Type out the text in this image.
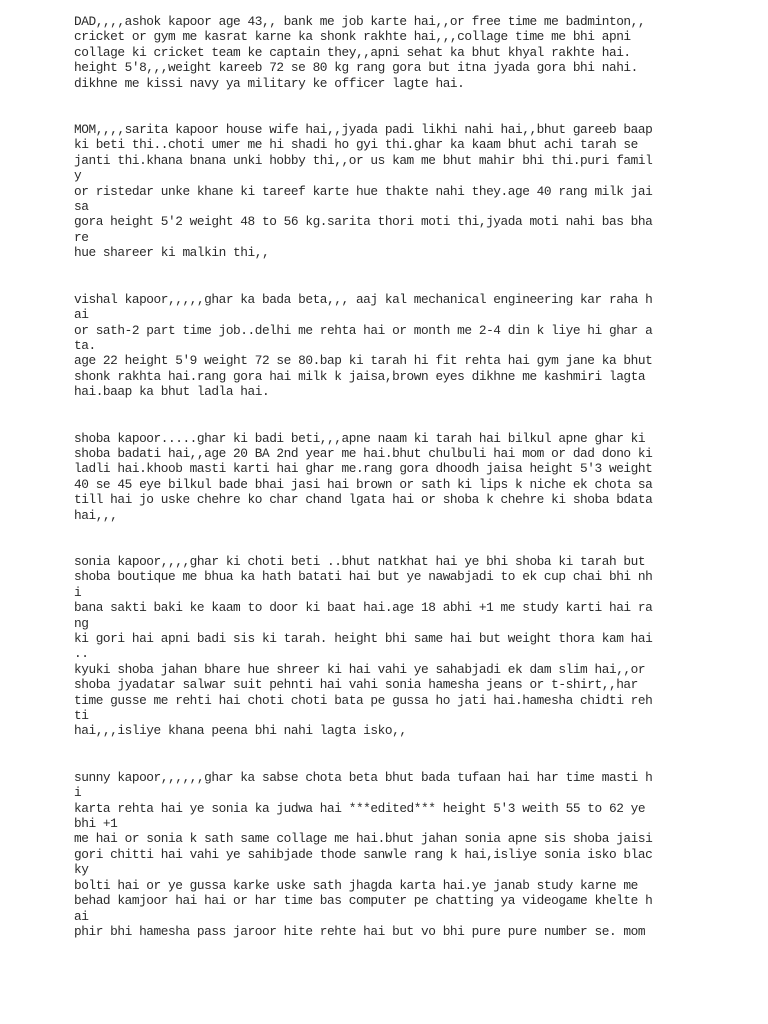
DAD,,,,ashok kapoor age 43,, bank me job karte hai,,or free time me badminton,,
cricket or gym me kasrat karne ka shonk rakhte hai,,,collage time me bhi apni
collage ki cricket team ke captain they,,apni sehat ka bhut khyal rakhte hai.
height 5'8,,,weight kareeb 72 se 80 kg rang gora but itna jyada gora bhi nahi.
dikhne me kissi navy ya military ke officer lagte hai.
MOM,,,,sarita kapoor house wife hai,,jyada padi likhi nahi hai,,bhut gareeb baap
ki beti thi..choti umer me hi shadi ho gyi thi.ghar ka kaam bhut achi tarah se
janti thi.khana bnana unki hobby thi,,or us kam me bhut mahir bhi thi.puri famil
y
or ristedar unke khane ki tareef karte hue thakte nahi they.age 40 rang milk jai
sa
gora height 5'2 weight 48 to 56 kg.sarita thori moti thi,jyada moti nahi bas bha
re
hue shareer ki malkin thi,,
vishal kapoor,,,,,ghar ka bada beta,,, aaj kal mechanical engineering kar raha h
ai
or sath-2 part time job..delhi me rehta hai or month me 2-4 din k liye hi ghar a
ta.
age 22 height 5'9 weight 72 se 80.bap ki tarah hi fit rehta hai gym jane ka bhut
shonk rakhta hai.rang gora hai milk k jaisa,brown eyes dikhne me kashmiri lagta
hai.baap ka bhut ladla hai.
shoba kapoor.....ghar ki badi beti,,,apne naam ki tarah hai bilkul apne ghar ki
shoba badati hai,,age 20 BA 2nd year me hai.bhut chulbuli hai mom or dad dono ki
ladli hai.khoob masti karti hai ghar me.rang gora dhoodh jaisa height 5'3 weight
40 se 45 eye bilkul bade bhai jasi hai brown or sath ki lips k niche ek chota sa
till hai jo uske chehre ko char chand lgata hai or shoba k chehre ki shoba bdata
hai,,,
sonia kapoor,,,,ghar ki choti beti ..bhut natkhat hai ye bhi shoba ki tarah but
shoba boutique me bhua ka hath batati hai but ye nawabjadi to ek cup chai bhi nh
i
bana sakti baki ke kaam to door ki baat hai.age 18 abhi +1 me study karti hai ra
ng
ki gori hai apni badi sis ki tarah. height bhi same hai but weight thora kam hai
..
kyuki shoba jahan bhare hue shreer ki hai vahi ye sahabjadi ek dam slim hai,,or
shoba jyadatar salwar suit pehnti hai vahi sonia hamesha jeans or t-shirt,,har
time gusse me rehti hai choti choti bata pe gussa ho jati hai.hamesha chidti reh
ti
hai,,,isliye khana peena bhi nahi lagta isko,,
sunny kapoor,,,,,,ghar ka sabse chota beta bhut bada tufaan hai har time masti h
i
karta rehta hai ye sonia ka judwa hai ***edited*** height 5'3 weith 55 to 62 ye
bhi +1
me hai or sonia k sath same collage me hai.bhut jahan sonia apne sis shoba jaisi
gori chitti hai vahi ye sahibjade thode sanwle rang k hai,isliye sonia isko blac
ky
bolti hai or ye gussa karke uske sath jhagda karta hai.ye janab study karne me
behad kamjoor hai hai or har time bas computer pe chatting ya videogame khelte h
ai
phir bhi hamesha pass jaroor hite rehte hai but vo bhi pure pure number se. mom
